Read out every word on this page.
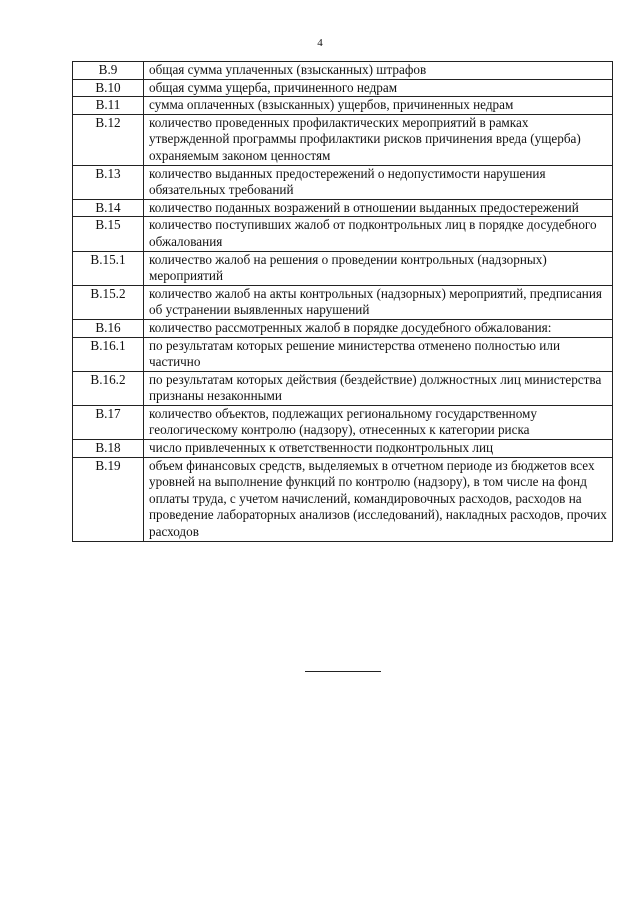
4
В.9	общая сумма уплаченных (взысканных) штрафов
В.10	общая сумма ущерба, причиненного недрам
В.11	сумма оплаченных (взысканных) ущербов, причиненных недрам
В.12	количество проведенных профилактических мероприятий в рамках утвержденной программы профилактики рисков причинения вреда (ущерба) охраняемым законом ценностям
В.13	количество выданных предостережений о недопустимости нарушения обязательных требований
В.14	количество поданных возражений в отношении выданных предостережений
В.15	количество поступивших жалоб от подконтрольных лиц в порядке досудебного обжалования
В.15.1	количество жалоб на решения о проведении контрольных (надзорных) мероприятий
В.15.2	количество жалоб на акты контрольных (надзорных) мероприятий, предписания об устранении выявленных нарушений
В.16	количество рассмотренных жалоб в порядке досудебного обжалования:
В.16.1	по результатам которых решение министерства отменено полностью или частично
В.16.2	по результатам которых действия (бездействие) должностных лиц министерства признаны незаконными
В.17	количество объектов, подлежащих региональному государственному геологическому контролю (надзору), отнесенных к категории риска
В.18	число привлеченных к ответственности подконтрольных лиц
В.19	объем финансовых средств, выделяемых в отчетном периоде из бюджетов всех уровней на выполнение функций по контролю (надзору), в том числе на фонд оплаты труда, с учетом начислений, командировочных расходов, расходов на проведение лабораторных анализов (исследований), накладных расходов, прочих расходов
